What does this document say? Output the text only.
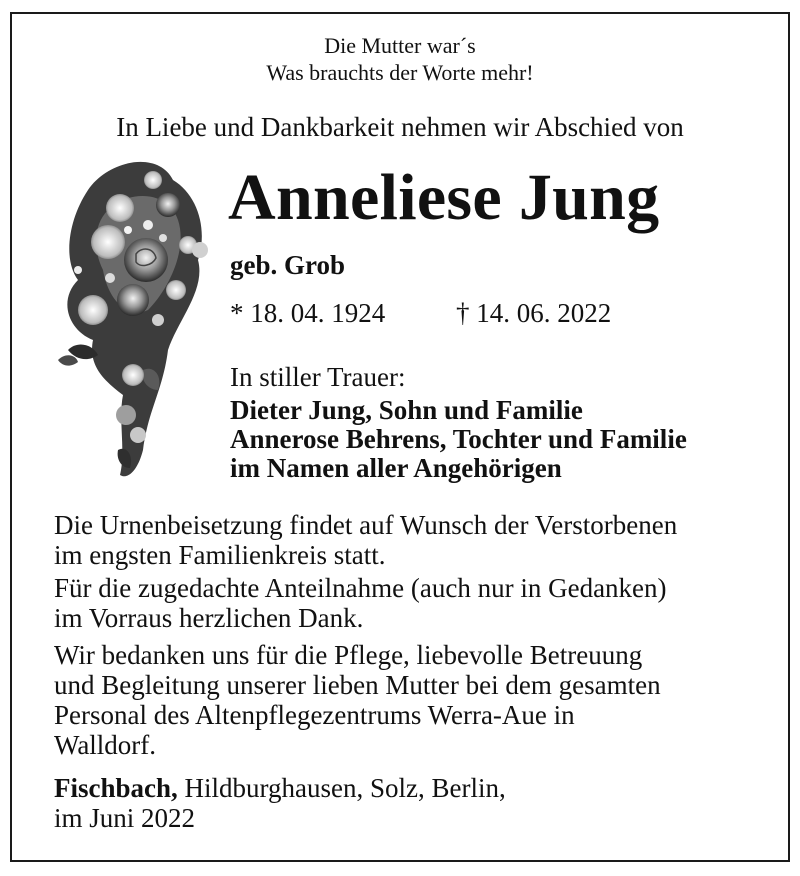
Die Mutter war´s
Was brauchts der Worte mehr!
In Liebe und Dankbarkeit nehmen wir Abschied von
Anneliese Jung
geb. Grob
* 18. 04. 1924	† 14. 06. 2022
In stiller Trauer:
Dieter Jung, Sohn und Familie
Annerose Behrens, Tochter und Familie
im Namen aller Angehörigen
Die Urnenbeisetzung findet auf Wunsch der Verstorbenen
im engsten Familienkreis statt.
Für die zugedachte Anteilnahme (auch nur in Gedanken)
im Vorraus herzlichen Dank.
Wir bedanken uns für die Pflege, liebevolle Betreuung
und Begleitung unserer lieben Mutter bei dem gesamten
Personal des Altenpflegezentrums Werra-Aue in
Walldorf.
Fischbach, Hildburghausen, Solz, Berlin,
im Juni 2022
